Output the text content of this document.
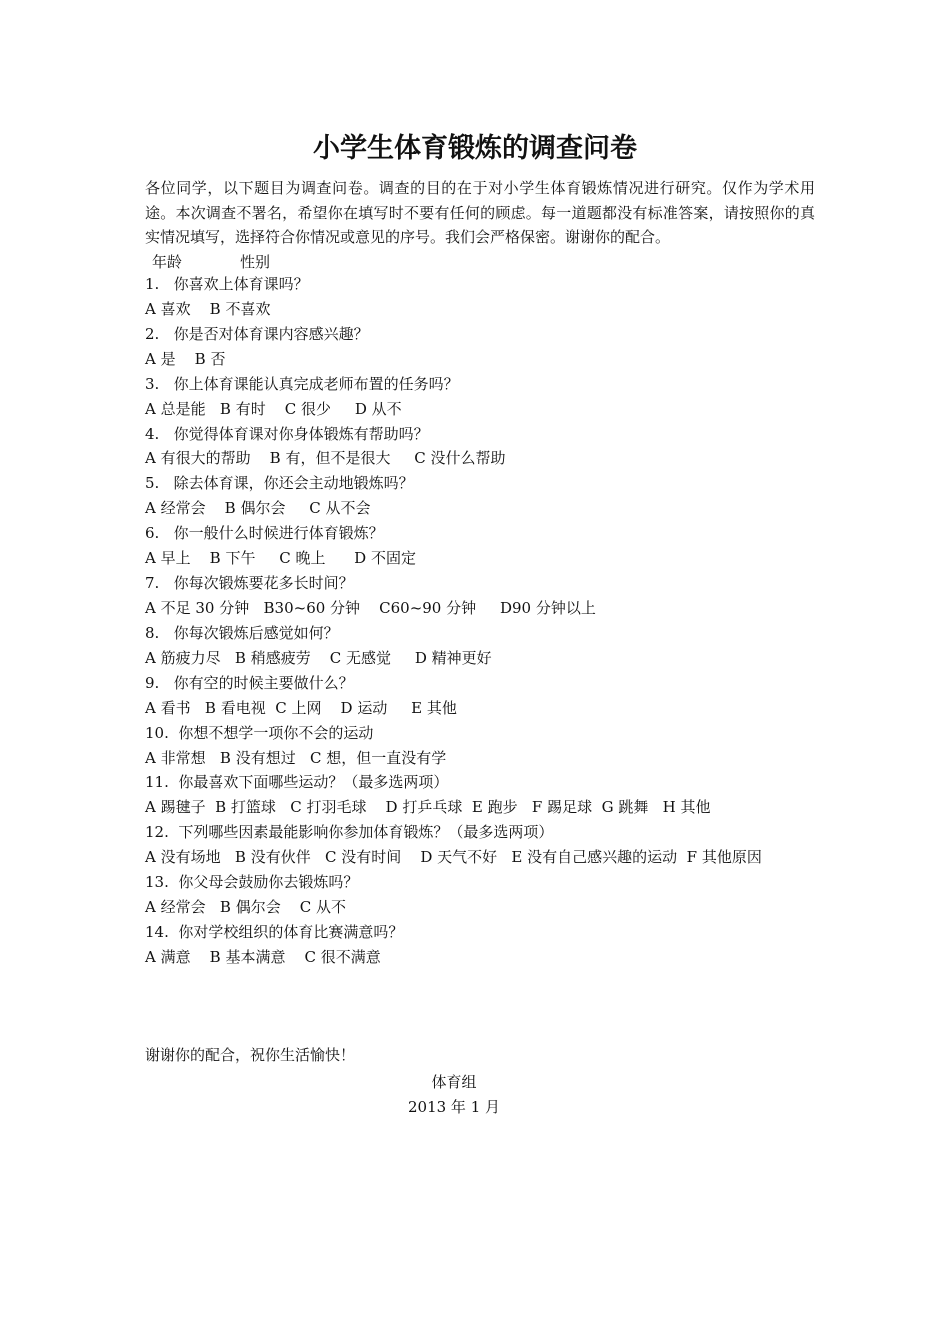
小学生体育锻炼的调查问卷
各位同学，以下题目为调查问卷。调查的目的在于对小学生体育锻炼情况进行研究。仅作为学术用途。本次调查不署名，希望你在填写时不要有任何的顾虑。每一道题都没有标准答案，请按照你的真实情况填写，选择符合你情况或意见的序号。我们会严格保密。谢谢你的配合。
年龄	性别
1.   你喜欢上体育课吗？
A 喜欢    B 不喜欢
2.   你是否对体育课内容感兴趣？
A 是    B 否
3.   你上体育课能认真完成老师布置的任务吗？
A 总是能   B 有时    C 很少     D 从不
4.   你觉得体育课对你身体锻炼有帮助吗？
A 有很大的帮助    B 有，但不是很大     C 没什么帮助
5.   除去体育课，你还会主动地锻炼吗？
A 经常会    B 偶尔会     C 从不会
6.   你一般什么时候进行体育锻炼？
A 早上    B 下午     C 晚上      D 不固定
7.   你每次锻炼要花多长时间？
A 不足 30 分钟   B30~60 分钟    C60~90 分钟     D90 分钟以上
8.   你每次锻炼后感觉如何？
A 筋疲力尽   B 稍感疲劳    C 无感觉     D 精神更好
9.   你有空的时候主要做什么？
A 看书   B 看电视  C 上网    D 运动     E 其他
10.  你想不想学一项你不会的运动
A 非常想   B 没有想过   C 想，但一直没有学
11.  你最喜欢下面哪些运动？（最多选两项）
A 踢毽子  B 打篮球   C 打羽毛球    D 打乒乓球  E 跑步   F 踢足球  G 跳舞   H 其他
12.  下列哪些因素最能影响你参加体育锻炼？（最多选两项）
A 没有场地   B 没有伙伴   C 没有时间    D 天气不好   E 没有自己感兴趣的运动  F 其他原因
13.  你父母会鼓励你去锻炼吗？
A 经常会   B 偶尔会    C 从不
14.  你对学校组织的体育比赛满意吗？
A 满意    B 基本满意    C 很不满意
谢谢你的配合，祝你生活愉快！
体育组
2013 年 1 月
